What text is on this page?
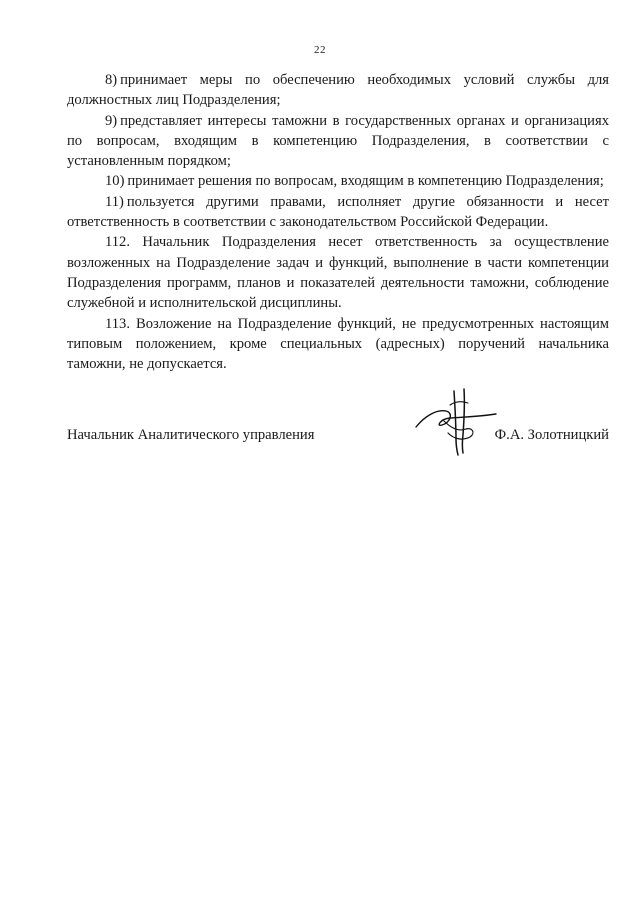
22

8) принимает меры по обеспечению необходимых условий службы для должностных лиц Подразделения;

9) представляет интересы таможни в государственных органах и организациях по вопросам, входящим в компетенцию Подразделения, в соответствии с установленным порядком;

10) принимает решения по вопросам, входящим в компетенцию Подразделения;

11) пользуется другими правами, исполняет другие обязанности и несет ответственность в соответствии с законодательством Российской Федерации.

112. Начальник Подразделения несет ответственность за осуществление возложенных на Подразделение задач и функций, выполнение в части компетенции Подразделения программ, планов и показателей деятельности таможни, соблюдение служебной и исполнительской дисциплины.

113. Возложение на Подразделение функций, не предусмотренных настоящим типовым положением, кроме специальных (адресных) поручений начальника таможни, не допускается.

Начальник Аналитического управления	Ф.А. Золотницкий
